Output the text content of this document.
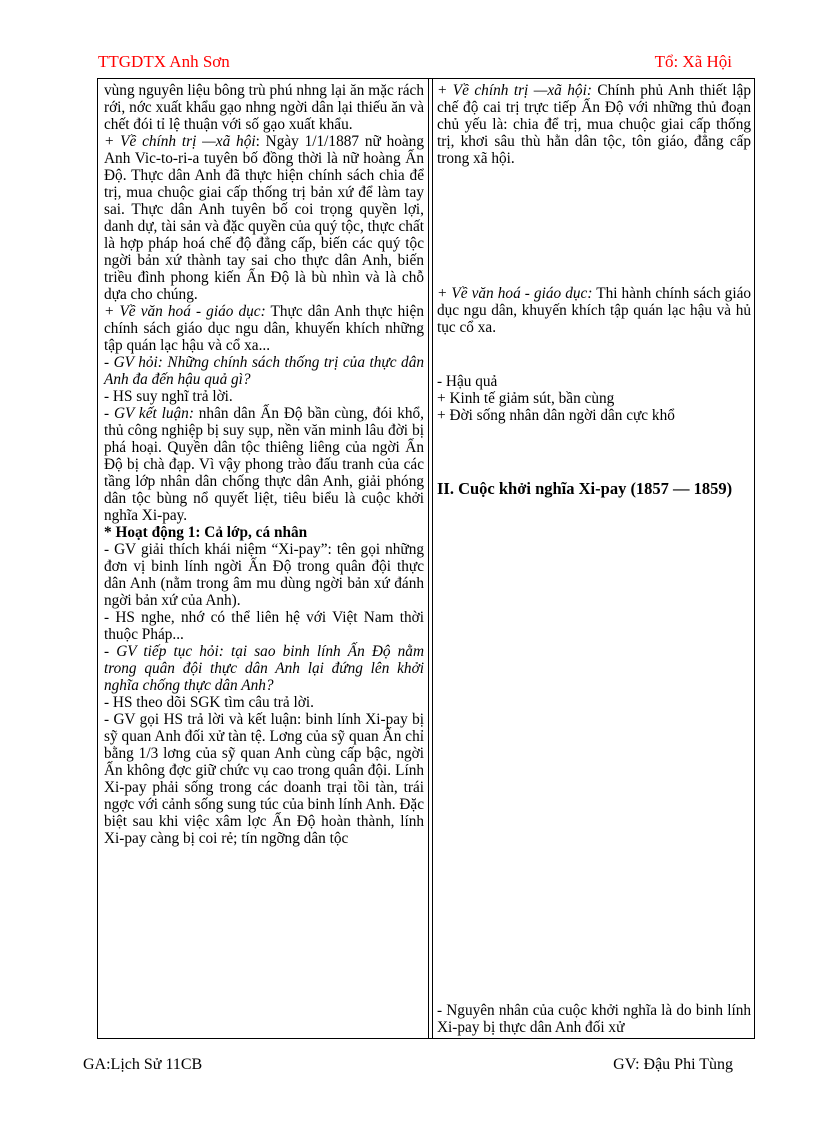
TTGDTX Anh Sơn	Tổ: Xã Hội

vùng nguyên liệu bông trù phú nhng lại ăn mặc rách rới, nớc xuất khẩu gạo nhng ngời dân lại thiếu ăn và chết đói tỉ lệ thuận với số gạo xuất khẩu.

+ Về chính trị —xã hội: Ngày 1/1/1887 nữ hoàng Anh Vic-to-ri-a tuyên bố đồng thời là nữ hoàng Ấn Độ. Thực dân Anh đã thực hiện chính sách chia để trị, mua chuộc giai cấp thống trị bản xứ để làm tay sai. Thực dân Anh tuyên bố coi trọng quyền lợi, danh dự, tài sản và đặc quyền của quý tộc, thực chất là hợp pháp hoá chế độ đẳng cấp, biến các quý tộc ngời bản xứ thành tay sai cho thực dân Anh, biến triều đình phong kiến Ấn Độ là bù nhìn và là chỗ dựa cho chúng.

+ Về văn hoá - giáo dục: Thực dân Anh thực hiện chính sách giáo dục ngu dân, khuyến khích những tập quán lạc hậu và cổ xa...

- GV hỏi: Những chính sách thống trị của thực dân Anh đa đến hậu quả gì?

- HS suy nghĩ trả lời.

- GV kết luận: nhân dân Ấn Độ bần cùng, đói khổ, thủ công nghiệp bị suy sụp, nền văn minh lâu đời bị phá hoại. Quyền dân tộc thiêng liêng của ngời Ấn Độ bị chà đạp. Vì vậy phong trào đấu tranh của các tầng lớp nhân dân chống thực dân Anh, giải phóng dân tộc bùng nổ quyết liệt, tiêu biểu là cuộc khởi nghĩa Xi-pay.

* Hoạt động 1: Cả lớp, cá nhân

- GV giải thích khái niệm “Xi-pay”: tên gọi những đơn vị binh lính ngời Ấn Độ trong quân đội thực dân Anh (nằm trong âm mu dùng ngời bản xứ đánh ngời bản xứ của Anh).

- HS nghe, nhớ có thể liên hệ với Việt Nam thời thuộc Pháp...

- GV tiếp tục hỏi: tại sao binh lính Ấn Độ nằm trong quân đội thực dân Anh lại đứng lên khởi nghĩa chống thực dân Anh?

- HS theo dõi SGK tìm câu trả lời.

- GV gọi HS trả lời và kết luận: binh lính Xi-pay bị sỹ quan Anh đối xử tàn tệ. Lơng của sỹ quan Ấn chỉ bằng 1/3 lơng của sỹ quan Anh cùng cấp bậc, ngời Ấn không đợc giữ chức vụ cao trong quân đội. Lính Xi-pay phải sống trong các doanh trại tồi tàn, trái ngợc với cảnh sống sung túc của binh lính Anh. Đặc biệt sau khi việc xâm lợc Ấn Độ hoàn thành, lính Xi-pay càng bị coi rẻ; tín ngỡng dân tộc

+ Về chính trị —xã hội: Chính phủ Anh thiết lập chế độ cai trị trực tiếp Ấn Độ với những thủ đoạn chủ yếu là: chia để trị, mua chuộc giai cấp thống trị, khơi sâu thù hằn dân tộc, tôn giáo, đẳng cấp trong xã hội.

+ Về văn hoá - giáo dục: Thi hành chính sách giáo dục ngu dân, khuyến khích tập quán lạc hậu và hủ tục cổ xa.

- Hậu quả

+ Kinh tế giảm sút, bần cùng

+ Đời sống nhân dân ngời dân cực khổ

II. Cuộc khởi nghĩa Xi-pay (1857 — 1859)

- Nguyên nhân của cuộc khởi nghĩa là do binh lính Xi-pay bị thực dân Anh đối xử

GA:Lịch Sử 11CB	GV: Đậu Phi Tùng
